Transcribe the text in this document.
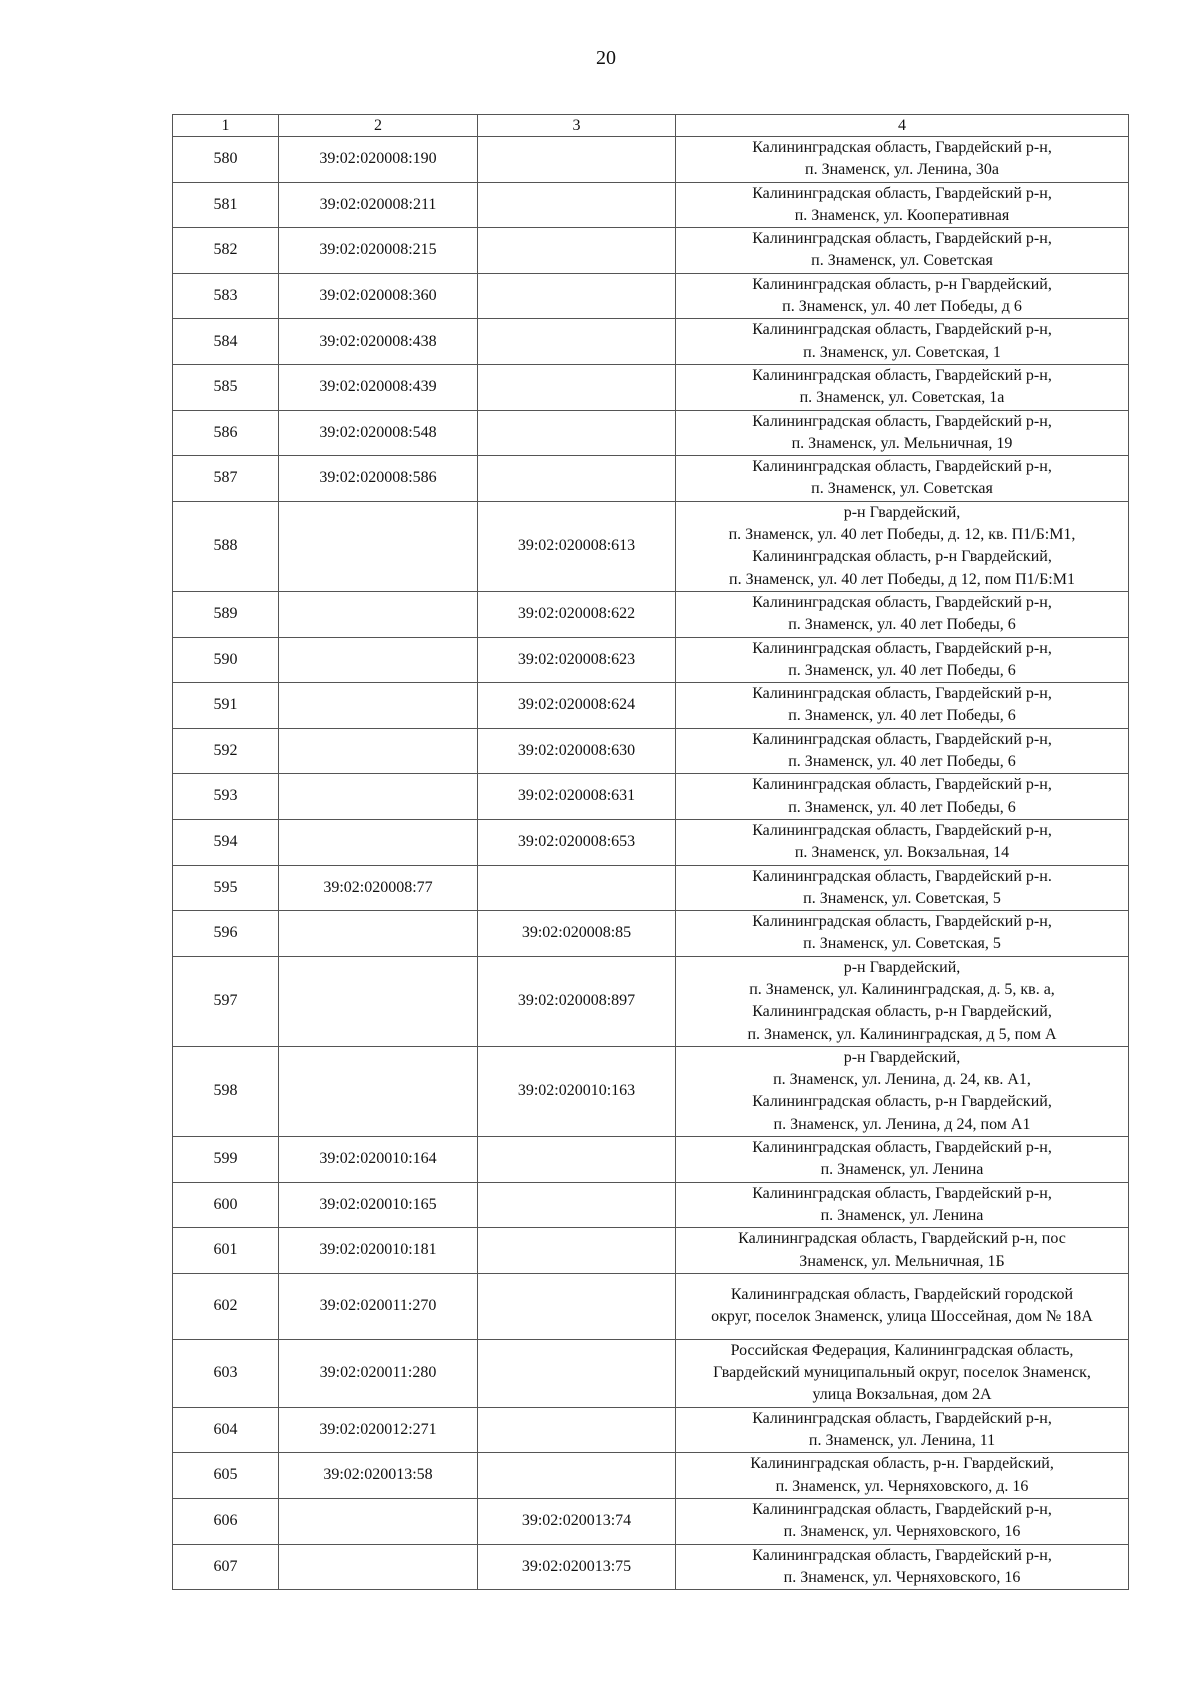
20
1	2	3	4
580	39:02:020008:190		Калининградская область, Гвардейский р-н,
п. Знаменск, ул. Ленина, 30а

581	39:02:020008:211		Калининградская область, Гвардейский р-н,
п. Знаменск, ул. Кооперативная

582	39:02:020008:215		Калининградская область, Гвардейский р-н,
п. Знаменск, ул. Советская

583	39:02:020008:360		Калининградская область, р-н Гвардейский,
п. Знаменск, ул. 40 лет Победы, д 6

584	39:02:020008:438		Калининградская область, Гвардейский р-н,
п. Знаменск, ул. Советская, 1

585	39:02:020008:439		Калининградская область, Гвардейский р-н,
п. Знаменск, ул. Советская, 1а

586	39:02:020008:548		Калининградская область, Гвардейский р-н,
п. Знаменск, ул. Мельничная, 19

587	39:02:020008:586		Калининградская область, Гвардейский р-н,
п. Знаменск, ул. Советская

588		39:02:020008:613	р-н Гвардейский,
п. Знаменск, ул. 40 лет Победы, д. 12, кв. П1/Б:М1,
Калининградская область, р-н Гвардейский,
п. Знаменск, ул. 40 лет Победы, д 12, пом П1/Б:М1

589		39:02:020008:622	Калининградская область, Гвардейский р-н,
п. Знаменск, ул. 40 лет Победы, 6

590		39:02:020008:623	Калининградская область, Гвардейский р-н,
п. Знаменск, ул. 40 лет Победы, 6

591		39:02:020008:624	Калининградская область, Гвардейский р-н,
п. Знаменск, ул. 40 лет Победы, 6

592		39:02:020008:630	Калининградская область, Гвардейский р-н,
п. Знаменск, ул. 40 лет Победы, 6

593		39:02:020008:631	Калининградская область, Гвардейский р-н,
п. Знаменск, ул. 40 лет Победы, 6

594		39:02:020008:653	Калининградская область, Гвардейский р-н,
п. Знаменск, ул. Вокзальная, 14

595	39:02:020008:77		Калининградская область, Гвардейский р-н.
п. Знаменск, ул. Советская, 5

596		39:02:020008:85	Калининградская область, Гвардейский р-н,
п. Знаменск, ул. Советская, 5

597		39:02:020008:897	р-н Гвардейский,
п. Знаменск, ул. Калининградская, д. 5, кв. а,
Калининградская область, р-н Гвардейский,
п. Знаменск, ул. Калининградская, д 5, пом А

598		39:02:020010:163	р-н Гвардейский,
п. Знаменск, ул. Ленина, д. 24, кв. А1,
Калининградская область, р-н Гвардейский,
п. Знаменск, ул. Ленина, д 24, пом А1

599	39:02:020010:164		Калининградская область, Гвардейский р-н,
п. Знаменск, ул. Ленина

600	39:02:020010:165		Калининградская область, Гвардейский р-н,
п. Знаменск, ул. Ленина

601	39:02:020010:181		Калининградская область, Гвардейский р-н, пос
Знаменск, ул. Мельничная, 1Б

602	39:02:020011:270		Калининградская область, Гвардейский городской
округ, поселок Знаменск, улица Шоссейная, дом № 18А

603	39:02:020011:280		Российская Федерация, Калининградская область,
Гвардейский муниципальный округ, поселок Знаменск,
улица Вокзальная, дом 2А

604	39:02:020012:271		Калининградская область, Гвардейский р-н,
п. Знаменск, ул. Ленина, 11

605	39:02:020013:58		Калининградская область, р-н. Гвардейский,
п. Знаменск, ул. Черняховского, д. 16

606		39:02:020013:74	Калининградская область, Гвардейский р-н,
п. Знаменск, ул. Черняховского, 16

607		39:02:020013:75	Калининградская область, Гвардейский р-н,
п. Знаменск, ул. Черняховского, 16
